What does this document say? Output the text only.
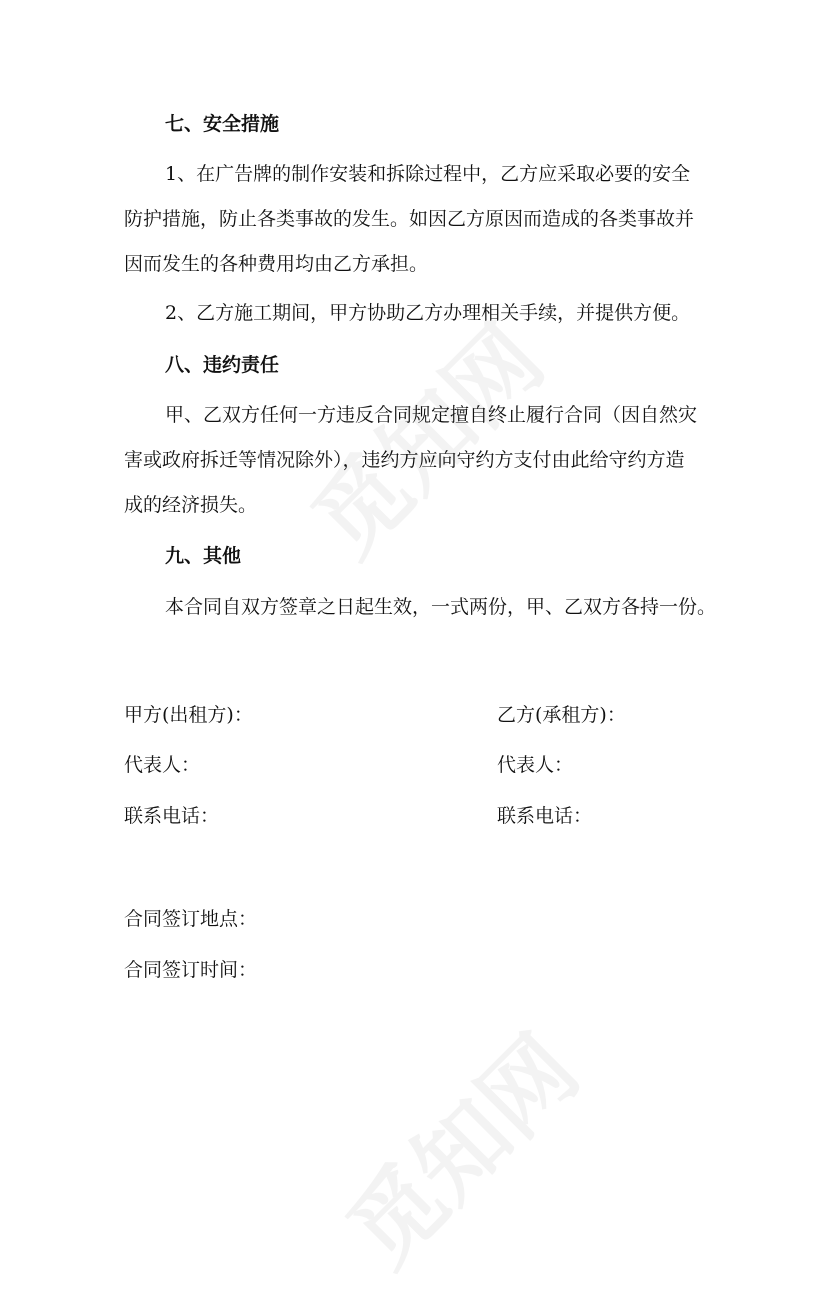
七、安全措施
1、在广告牌的制作安装和拆除过程中，乙方应采取必要的安全
防护措施，防止各类事故的发生。如因乙方原因而造成的各类事故并
因而发生的各种费用均由乙方承担。
2、乙方施工期间，甲方协助乙方办理相关手续，并提供方便。
八、违约责任
甲、乙双方任何一方违反合同规定擅自终止履行合同（因自然灾
害或政府拆迁等情况除外），违约方应向守约方支付由此给守约方造
成的经济损失。
九、其他
本合同自双方签章之日起生效，一式两份，甲、乙双方各持一份。
甲方(出租方)：	乙方(承租方)：
代表人：	代表人：
联系电话：	联系电话：
合同签订地点：
合同签订时间：
